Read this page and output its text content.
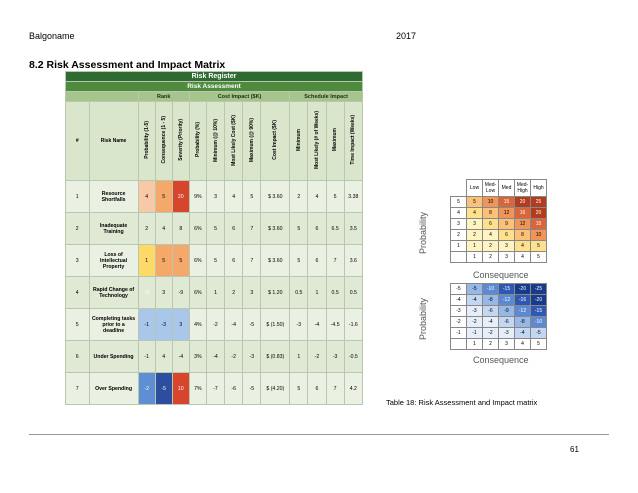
Balgoname	2017
8.2 Risk Assessment and Impact Matrix
Risk Register													
Risk Assessment													
		Rank			Cost Impact ($K)					Schedule Impact			
#	Risk Name	Probability (1-5)	Consequence (1 - 5)	Severity (Priority)	Probability (%)	Minimum (@ 10%)	Most Likely Cost ($K)	Maximum (@ 90%)	Cost Impact ($K)	Minimum	Most Likely (# of Weeks)	Maximum	Time Impact (Weeks)
1	Resource Shortfalls	4	5	20	9%	3	4	5	$ 3.60	2	4	5	3.38
2	Inadequate Training	2	4	8	6%	5	6	7	$ 3.60	5	6	6.5	3.5
3	Loss of Intellectual Property	1	5	5	6%	5	6	7	$ 3.60	5	6	7	3.6
4	Rapid Change of Technology	-3	3	-9	6%	1	2	3	$ 1.20	0.5	1	0.5	0.5
5	Completing tasks prior to a deadline	-1	-3	3	4%	-2	-4	-5	$ (1.50)	-3	-4	-4.5	-1.6
6	Under Spending	-1	4	-4	3%	-4	-2	-3	$ (0.83)	1	-2	-3	-0.5
7	Over Spending	-2	-5	10	7%	-7	-6	-5	$ (4.20)	5	6	7	4.2
Probability
		Low	Med-Low	Med	Med-High	High
	5	5	10	15	20	25
	4	4	8	12	16	20
	3	3	6	9	12	15
	2	2	4	6	8	10
	1	1	2	3	4	5
		1	2	3	4	5
Consequence
Probability
	-5	-5	-10	-15	-20	-25
	-4	-4	-8	-12	-16	-20
	-3	-3	-6	-9	-12	-15
	-2	-2	-4	-6	-8	-10
	-1	-1	-2	-3	-4	-5
		1	2	3	4	5
Consequence
Table 18: Risk Assessment and Impact matrix
61
